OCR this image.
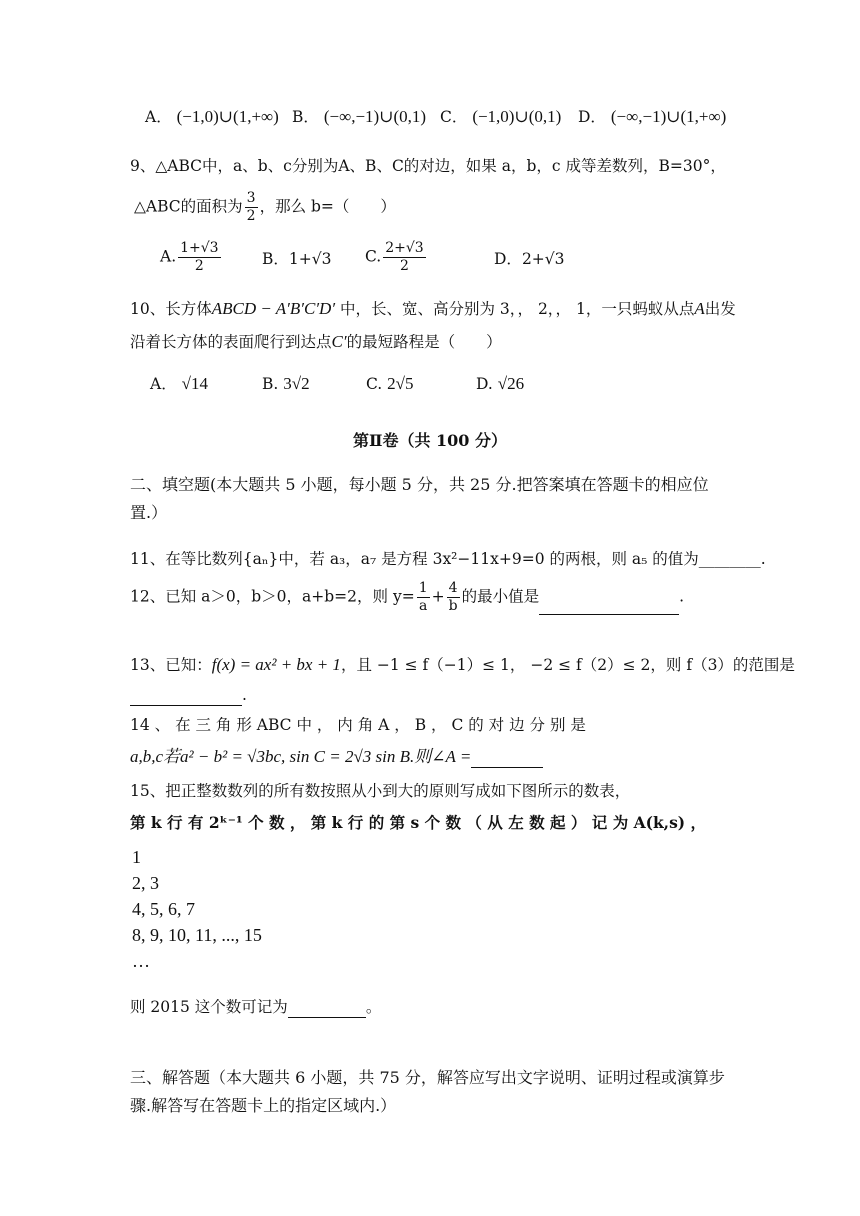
A． (−1,0)∪(1,+∞) B． (−∞,−1)∪(0,1) C． (−1,0)∪(0,1) D． (−∞,−1)∪(1,+∞)
9、△ABC中，a、b、c分别为A、B、C的对边，如果 a，b，c 成等差数列，B=30°，
△ABC的面积为 $\frac{3}{2}$ ，那么 b=（　　）
A. $\frac{1+√3}{2}$	B．1+√3 C. $\frac{2+√3}{2}$	D．2+√3
10、长方体ABCD − A′B′C′D′ 中，长、宽、高分别为 3，， 2，， 1，一只蚂蚁从点A出发
沿着长方体的表面爬行到达点C′的最短路程是（　　）
A． √14	B. 3√2	C. 2√5	D. √26
第Ⅱ卷（共 100 分）
二、填空题(本大题共 5 小题，每小题 5 分，共 25 分.把答案填在答题卡的相应位置.）
11、在等比数列{aₙ}中，若 a₃，a₇ 是方程 3x²−11x+9=0 的两根，则 a₅ 的值为________.
12、已知 a＞0，b＞0，a+b=2，则 $y= \frac{1}{a} + \frac{4}{b}$ 的最小值是	.
13、已知：f(x) = ax² + bx + 1，且 −1 ≤ f（−1）≤ 1， −2 ≤ f（2）≤ 2，则 f（3）的范围是
.
14 、 在 三 角 形 ABC 中 ， 内 角 A ， B ， C 的 对 边 分 别 是
a,b,c若a² − b² = √3bc, sin C = 2√3 sin B.则∠A =
15、把正整数数列的所有数按照从小到大的原则写成如下图所示的数表，
第 k 行 有 2ᵏ⁻¹ 个 数 ， 第 k 行 的 第 s 个 数 （ 从 左 数 起 ） 记 为 A(k,s) ，
1
2, 3
4, 5, 6, 7
8, 9, 10, 11, ..., 15
…
则 2015 这个数可记为	。
三、解答题（本大题共 6 小题，共 75 分，解答应写出文字说明、证明过程或演算步骤.解答写在答题卡上的指定区域内.）
